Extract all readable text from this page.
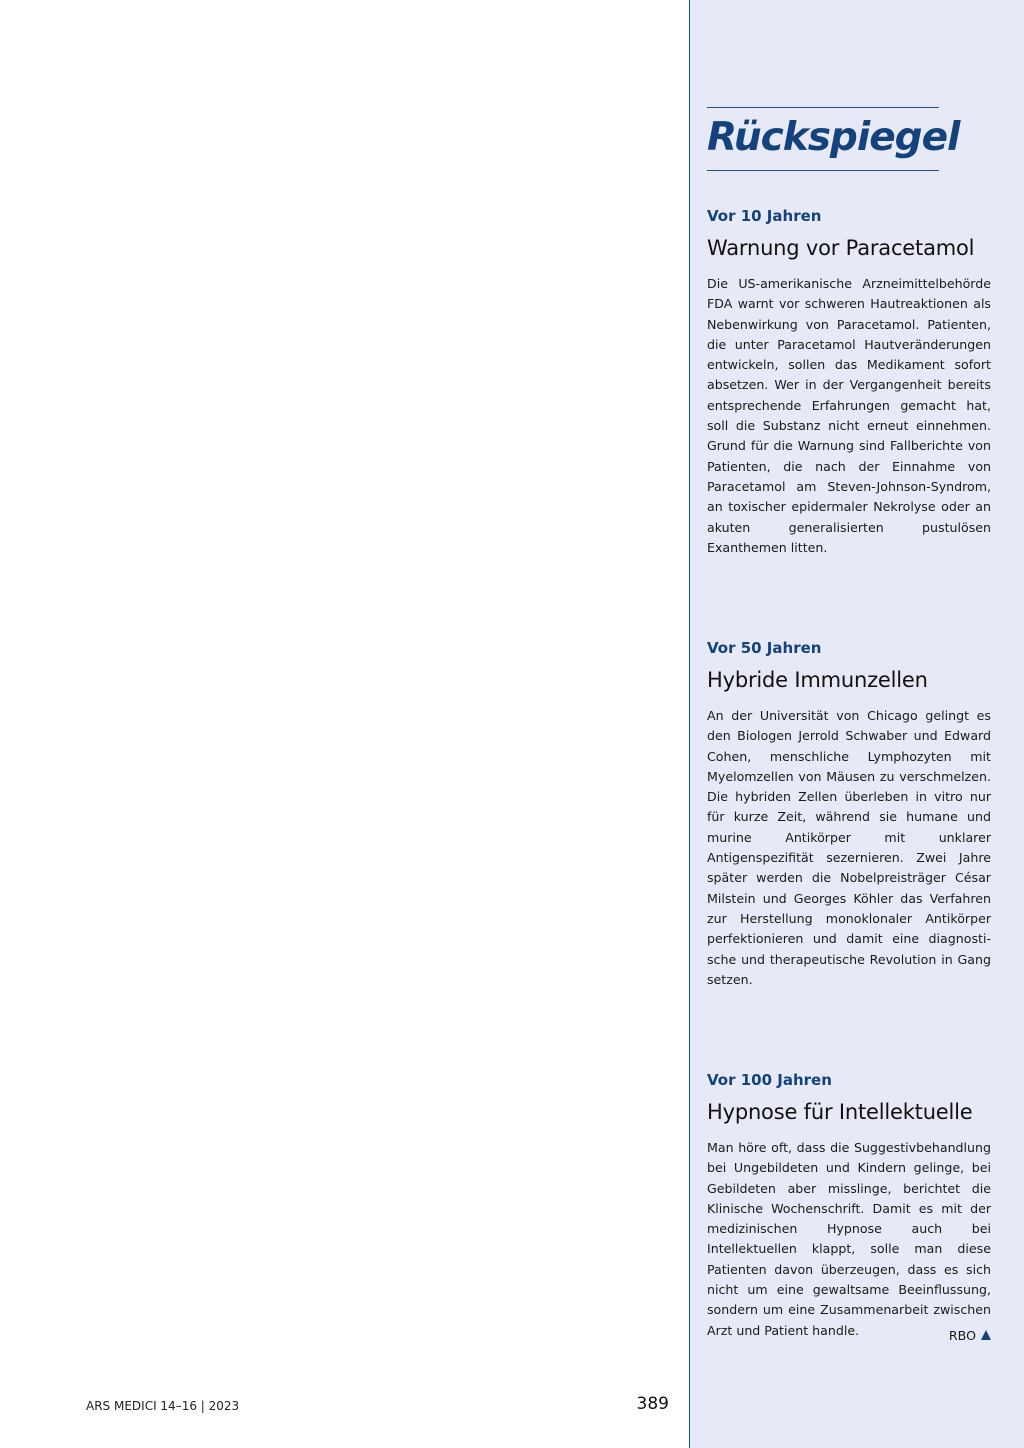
Rückspiegel

Vor 10 Jahren

Warnung vor Paracetamol

Die US-amerikanische Arzneimittelbehörde FDA warnt vor schweren Hautreaktionen als Nebenwirkung von Paracetamol. Patienten, die unter Paracetamol Hautveränderungen entwickeln, sollen das Medikament sofort absetzen. Wer in der Vergangenheit bereits entsprechende Erfahrungen gemacht hat, soll die Substanz nicht erneut einnehmen. Grund für die Warnung sind Fallberichte von Patienten, die nach der Einnahme von Paracetamol am Steven-Johnson-Syndrom, an toxischer epidermaler Nekrolyse oder an akuten generalisierten pustulösen Exanthemen litten.

Vor 50 Jahren

Hybride Immunzellen

An der Universität von Chicago gelingt es den Biologen Jerrold Schwaber und Edward Cohen, menschliche Lymphozyten mit Myelomzellen von Mäusen zu verschmelzen. Die hybriden Zellen überleben in vitro nur für kurze Zeit, während sie humane und murine Antikörper mit unklarer Antigenspezifität sezernieren. Zwei Jahre später werden die Nobelpreisträger César Milstein und Georges Köhler das Verfahren zur Herstellung monoklonaler Antikörper perfektionieren und damit eine diagnostische und therapeutische Revolution in Gang setzen.

Vor 100 Jahren

Hypnose für Intellektuelle

Man höre oft, dass die Suggestivbehandlung bei Ungebildeten und Kindern gelinge, bei Gebildeten aber misslinge, berichtet die Klinische Wochenschrift. Damit es mit der medizinischen Hypnose auch bei Intellektuellen klappt, solle man diese Patienten davon überzeugen, dass es sich nicht um eine gewaltsame Beeinflussung, sondern um eine Zusammenarbeit zwischen Arzt und Patient handle.	RBO
ARS MEDICI 14–16 | 2023	389
